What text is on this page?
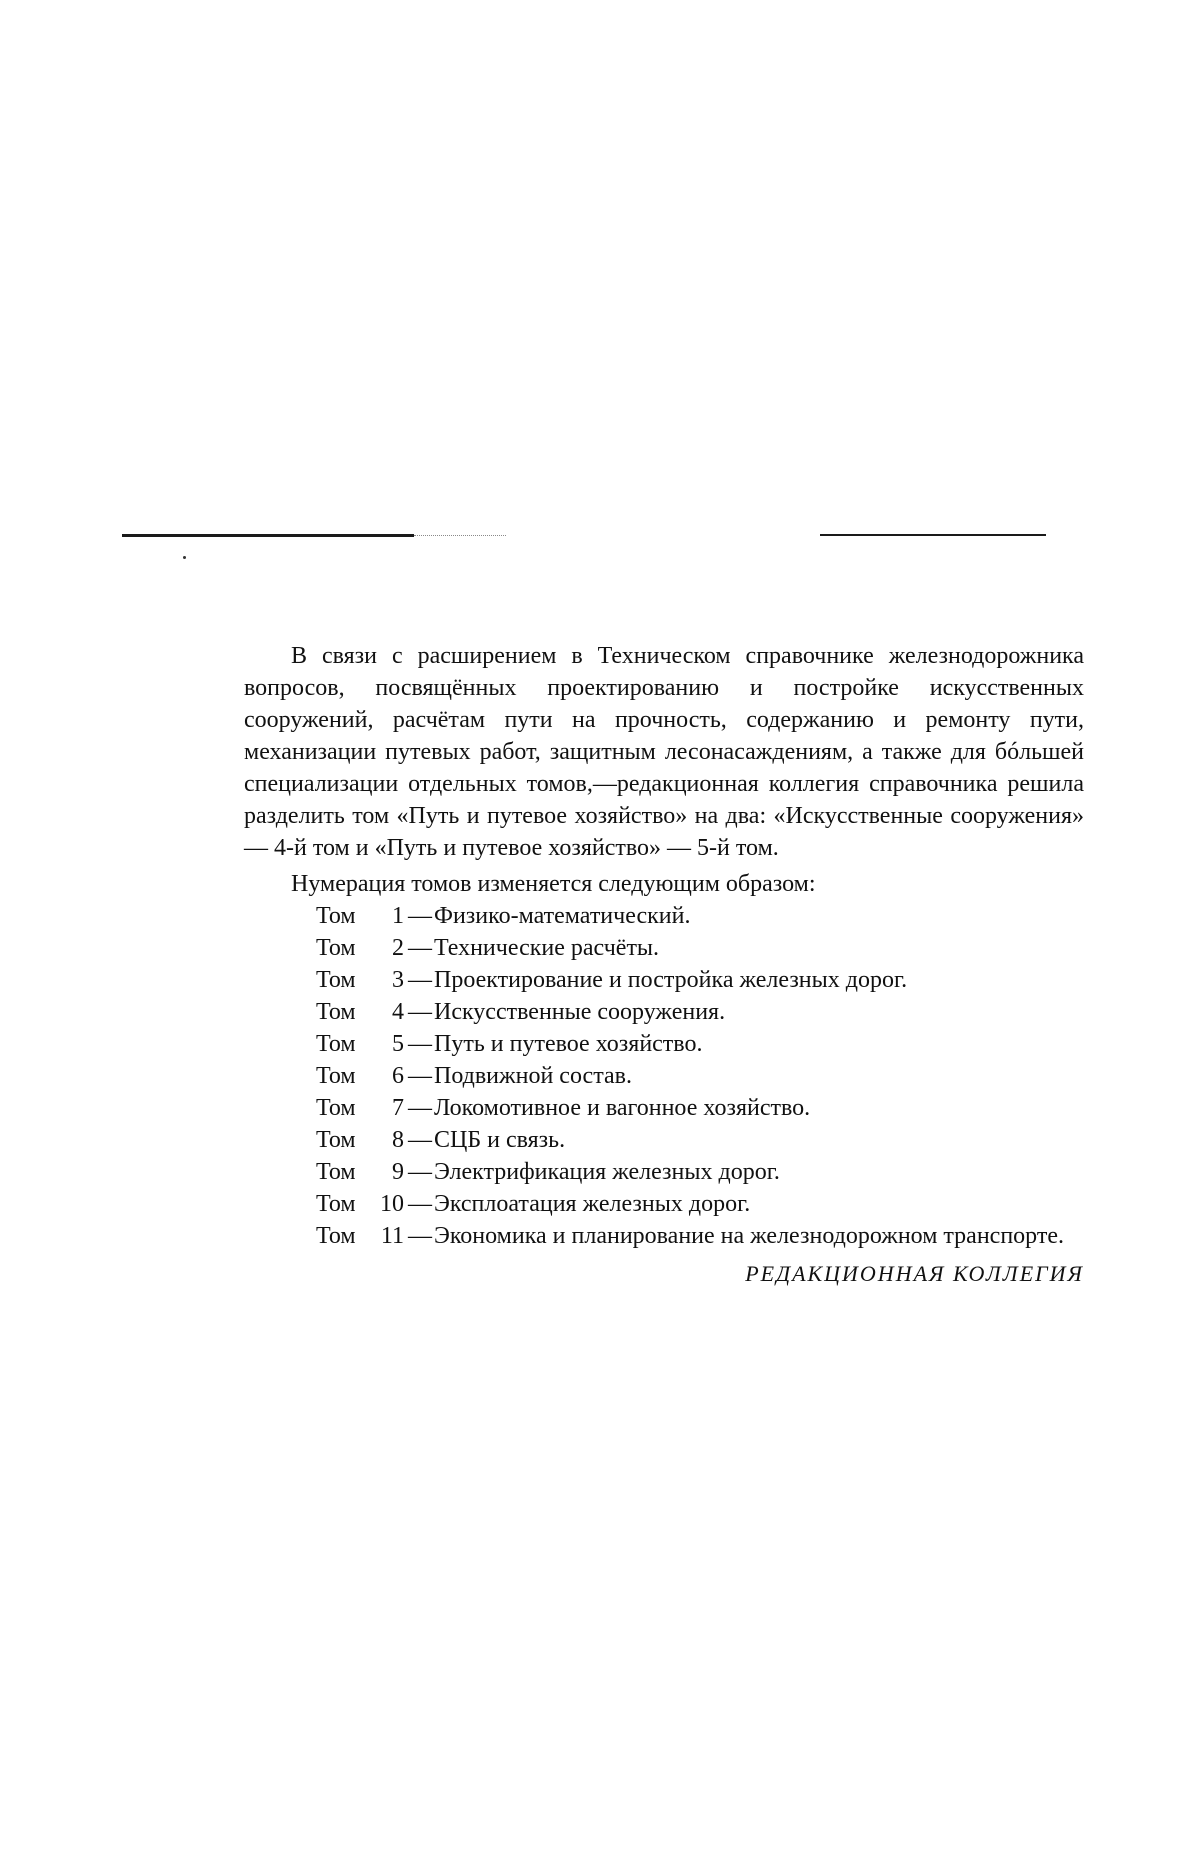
В связи с расширением в Техническом справочнике железнодорожника вопросов, посвящённых проектированию и постройке искусственных сооружений, расчётам пути на прочность, содержанию и ремонту пути, механизации путевых работ, защитным лесонасаждениям, а также для бóльшей специализации отдельных томов,—редакционная коллегия справочника решила разделить том «Путь и путевое хозяйство» на два: «Искусственные сооружения» — 4-й том и «Путь и путевое хозяйство» — 5-й том.

Нумерация томов изменяется следующим образом:

Том	1 — Физико-математический.
Том	2 — Технические расчёты.
Том	3 — Проектирование и постройка железных дорог.
Том	4 — Искусственные сооружения.
Том	5 — Путь и путевое хозяйство.
Том	6 — Подвижной состав.
Том	7 — Локомотивное и вагонное хозяйство.
Том	8 — СЦБ и связь.
Том	9 — Электрификация железных дорог.
Том	10 — Эксплоатация железных дорог.
Том	11 — Экономика и планирование на железнодорожном транспорте.

РЕДАКЦИОННАЯ КОЛЛЕГИЯ
